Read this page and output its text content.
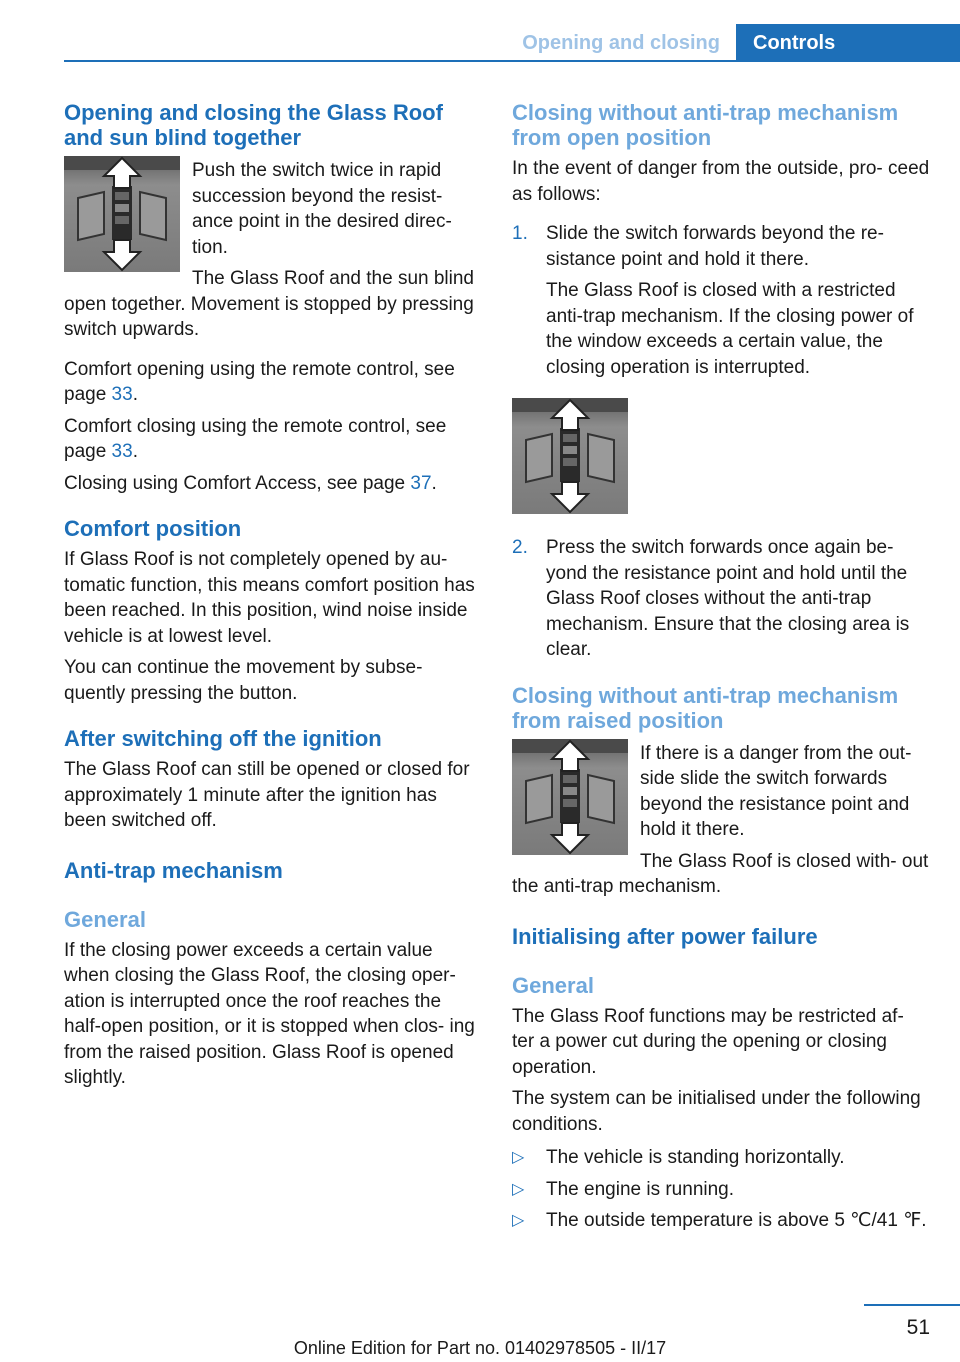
Opening and closing	Controls
Opening and closing the Glass Roof and sun blind together

Push the switch twice in rapid succession beyond the resist- ance point in the desired direc- tion.

The Glass Roof and the sun blind open together. Movement is stopped by pressing switch upwards.

Comfort opening using the remote control, see page 33.

Comfort closing using the remote control, see page 33.

Closing using Comfort Access, see page 37.

Comfort position

If Glass Roof is not completely opened by au- tomatic function, this means comfort position has been reached. In this position, wind noise inside vehicle is at lowest level.

You can continue the movement by subse- quently pressing the button.

After switching off the ignition

The Glass Roof can still be opened or closed for approximately 1 minute after the ignition has been switched off.

Anti-trap mechanism
General

If the closing power exceeds a certain value when closing the Glass Roof, the closing oper- ation is interrupted once the roof reaches the half-open position, or it is stopped when clos- ing from the raised position. Glass Roof is opened slightly.

Closing without anti-trap mechanism from open position

In the event of danger from the outside, pro- ceed as follows:

1. Slide the switch forwards beyond the re- sistance point and hold it there.

The Glass Roof is closed with a restricted anti-trap mechanism. If the closing power of the window exceeds a certain value, the closing operation is interrupted.

2. Press the switch forwards once again be- yond the resistance point and hold until the Glass Roof closes without the anti-trap mechanism. Ensure that the closing area is clear.

Closing without anti-trap mechanism from raised position

If there is a danger from the out- side slide the switch forwards beyond the resistance point and hold it there.

The Glass Roof is closed with- out the anti-trap mechanism.

Initialising after power failure
General

The Glass Roof functions may be restricted af- ter a power cut during the opening or closing operation.

The system can be initialised under the following conditions.

▷	The vehicle is standing horizontally.

▷	The engine is running.

▷	The outside temperature is above 5 ℃/41 ℉.

51
Online Edition for Part no. 01402978505 - II/17
